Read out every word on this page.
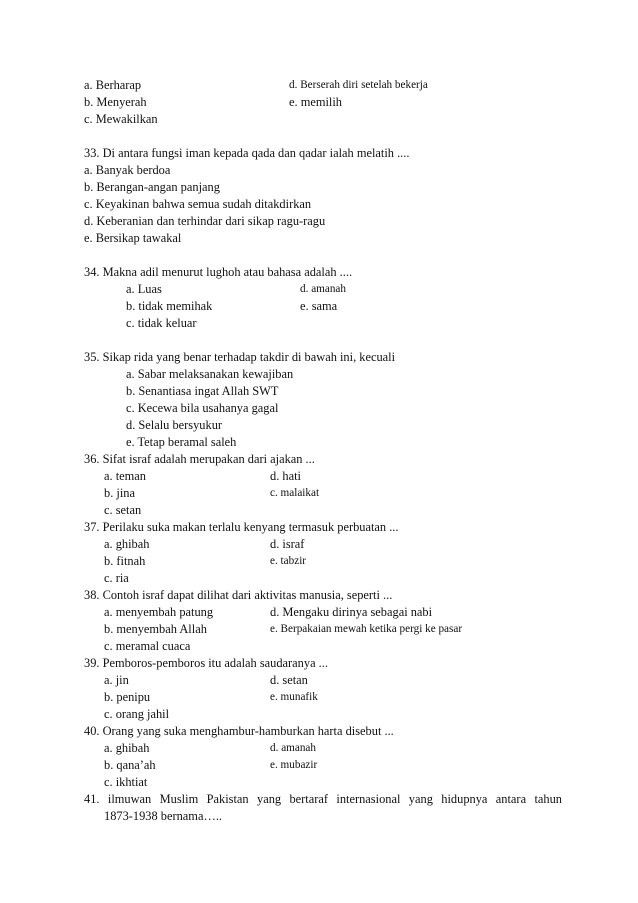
a. Berharap	d. Berserah diri setelah bekerja
b. Menyerah	e. memilih
c. Mewakilkan
33. Di antara fungsi iman kepada qada dan qadar ialah melatih ....
a. Banyak berdoa
b. Berangan-angan panjang
c. Keyakinan bahwa semua sudah ditakdirkan
d. Keberanian dan terhindar dari sikap ragu-ragu
e. Bersikap tawakal
34. Makna adil menurut lughoh atau bahasa adalah ....
a. Luas	d. amanah
b. tidak memihak	e. sama
c. tidak keluar
35. Sikap rida yang benar terhadap takdir di bawah ini, kecuali
a. Sabar melaksanakan kewajiban
b. Senantiasa ingat Allah SWT
c. Kecewa bila usahanya gagal
d. Selalu bersyukur
e. Tetap beramal saleh
36. Sifat israf adalah merupakan dari ajakan ...
a. teman	d. hati
b. jina	c. malaikat
c. setan
37. Perilaku suka makan terlalu kenyang termasuk perbuatan ...
a. ghibah	d. israf
b. fitnah	e. tabzir
c. ria
38. Contoh israf dapat dilihat dari aktivitas manusia, seperti ...
a. menyembah patung	d. Mengaku dirinya sebagai nabi
b. menyembah Allah	e. Berpakaian mewah ketika pergi ke pasar
c. meramal cuaca
39. Pemboros-pemboros itu adalah saudaranya ...
a. jin	d. setan
b. penipu	e. munafik
c. orang jahil
40. Orang yang suka menghambur-hamburkan harta disebut ...
a. ghibah	d. amanah
b. qana’ah	e. mubazir
c. ikhtiat
41. ilmuwan Muslim Pakistan yang bertaraf internasional yang hidupnya antara tahun
1873-1938 bernama…..
